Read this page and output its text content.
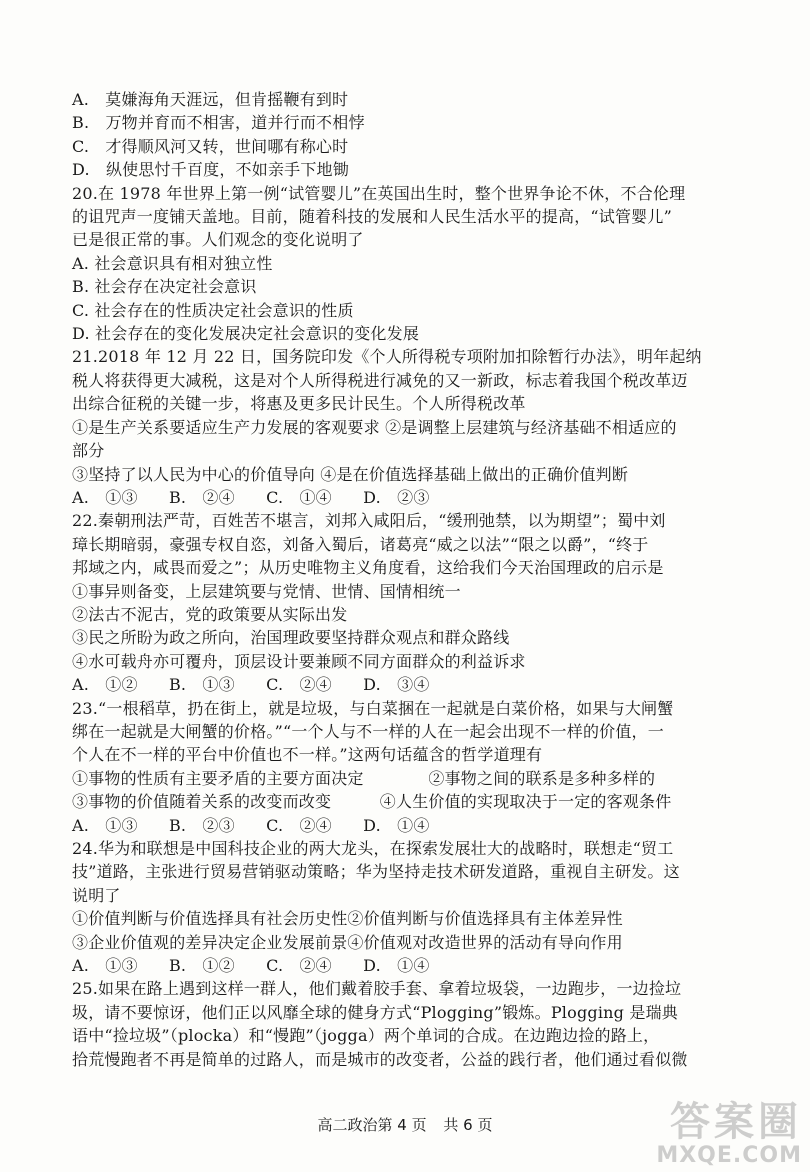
A.　莫嫌海角天涯远，但肯摇鞭有到时
B.　万物并育而不相害，道并行而不相悖
C.　才得顺风河又转，世间哪有称心时
D.　纵使思忖千百度，不如亲手下地锄
20.在 1978 年世界上第一例“试管婴儿”在英国出生时，整个世界争论不休，不合伦理
的诅咒声一度铺天盖地。目前，随着科技的发展和人民生活水平的提高，“试管婴儿”
已是很正常的事。人们观念的变化说明了
A. 社会意识具有相对独立性
B. 社会存在决定社会意识
C. 社会存在的性质决定社会意识的性质
D. 社会存在的变化发展决定社会意识的变化发展
21.2018 年 12 月 22 日，国务院印发《个人所得税专项附加扣除暂行办法》，明年起纳
税人将获得更大减税，这是对个人所得税进行减免的又一新政，标志着我国个税改革迈
出综合征税的关键一步，将惠及更多民计民生。个人所得税改革
①是生产关系要适应生产力发展的客观要求 ②是调整上层建筑与经济基础不相适应的
部分
③坚持了以人民为中心的价值导向 ④是在价值选择基础上做出的正确价值判断
A.　①③ B.　②④ C.　①④ D.　②③
22.秦朝刑法严苛，百姓苦不堪言，刘邦入咸阳后，“缓刑弛禁，以为期望”；蜀中刘
璋长期暗弱，豪强专权自恣，刘备入蜀后，诸葛亮“威之以法”“限之以爵”，“终于
邦域之内，咸畏而爱之”；从历史唯物主义角度看，这给我们今天治国理政的启示是
①事异则备变，上层建筑要与党情、世情、国情相统一
②法古不泥古，党的政策要从实际出发
③民之所盼为政之所向，治国理政要坚持群众观点和群众路线
④水可载舟亦可覆舟，顶层设计要兼顾不同方面群众的利益诉求
A.　①② B.　①③ C.　②④ D.　③④
23.“一根稻草，扔在街上，就是垃圾，与白菜捆在一起就是白菜价格，如果与大闸蟹
绑在一起就是大闸蟹的价格。”“一个人与不一样的人在一起会出现不一样的价值，一
个人在不一样的平台中价值也不一样。”这两句话蕴含的哲学道理有
①事物的性质有主要矛盾的主要方面决定　　　　②事物之间的联系是多种多样的
③事物的价值随着关系的改变而改变　　　④人生价值的实现取决于一定的客观条件
A.　①③ B.　②③ C.　②④ D.　①④
24.华为和联想是中国科技企业的两大龙头，在探索发展壮大的战略时，联想走“贸工
技”道路，主张进行贸易营销驱动策略；华为坚持走技术研发道路，重视自主研发。这
说明了
①价值判断与价值选择具有社会历史性②价值判断与价值选择具有主体差异性
③企业价值观的差异决定企业发展前景④价值观对改造世界的活动有导向作用
A.　①③ B.　①② C.　②④ D.　①④
25.如果在路上遇到这样一群人，他们戴着胶手套、拿着垃圾袋，一边跑步，一边捡垃
圾，请不要惊讶，他们正以风靡全球的健身方式“Plogging”锻炼。Plogging 是瑞典
语中“捡垃圾”（plocka）和“慢跑”（jogga）两个单词的合成。在边跑边捡的路上，
拾荒慢跑者不再是简单的过路人，而是城市的改变者，公益的践行者，他们通过看似微
高二政治第 4 页 共 6 页	答案圈
MXQE.COM
